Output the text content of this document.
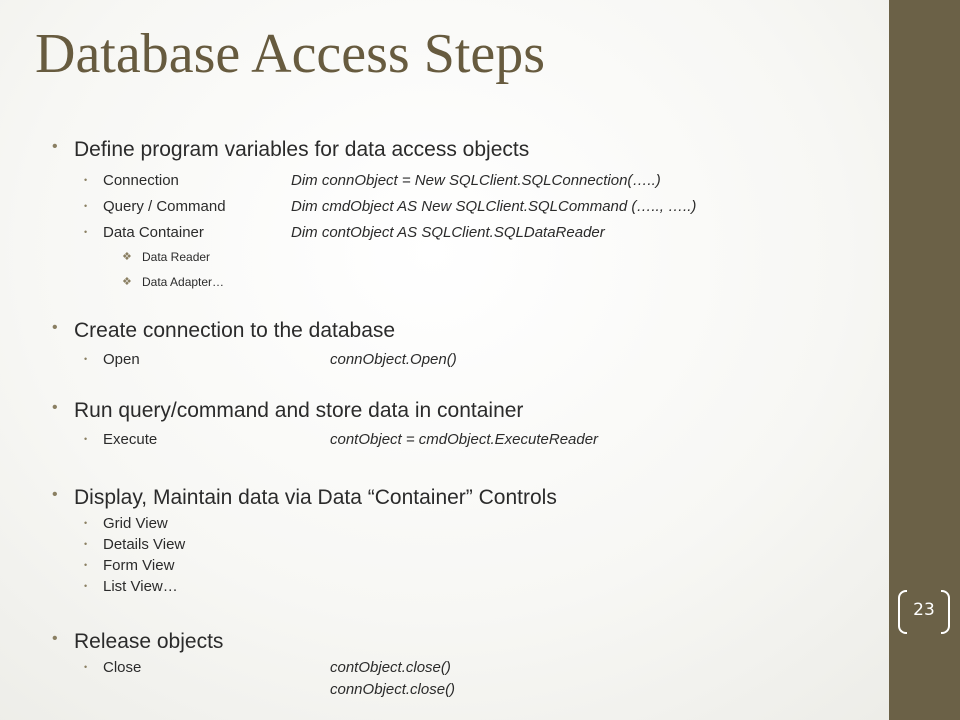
23
Database Access Steps
• Define program variables for data access objects
• Connection	Dim connObject = New SQLClient.SQLConnection(…..)
• Query / Command	Dim cmdObject AS New SQLClient.SQLCommand (….., …..)
• Data Container	Dim contObject AS SQLClient.SQLDataReader
❖ Data Reader
❖ Data Adapter…
• Create connection to the database
• Open	connObject.Open()
• Run query/command and store data in container
• Execute	contObject = cmdObject.ExecuteReader
• Display, Maintain data via Data “Container” Controls
• Grid View
• Details View
• Form View
• List View…
• Release objects
• Close	contObject.close()
connObject.close()
